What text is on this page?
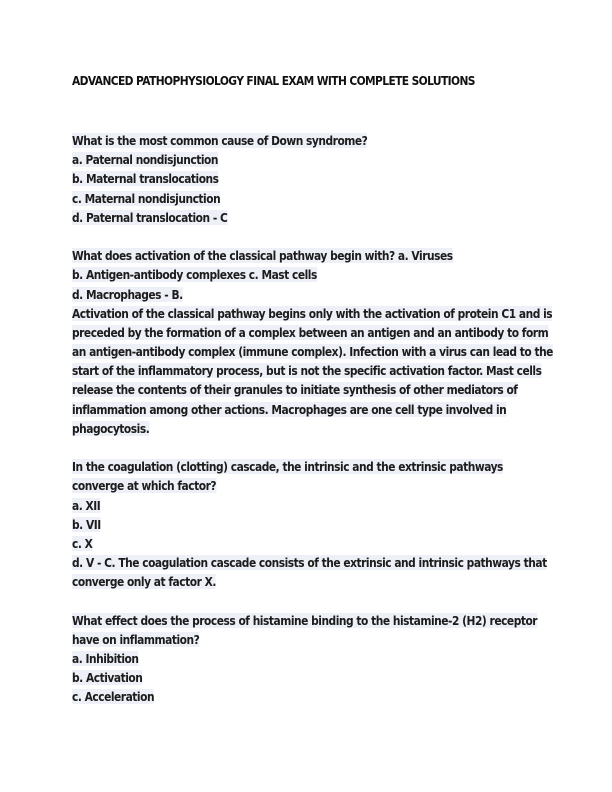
ADVANCED PATHOPHYSIOLOGY FINAL EXAM WITH COMPLETE SOLUTIONS
What is the most common cause of Down syndrome?
a. Paternal nondisjunction
b. Maternal translocations
c. Maternal nondisjunction
d. Paternal translocation - C
What does activation of the classical pathway begin with? a. Viruses
b. Antigen-antibody complexes c. Mast cells
d. Macrophages - B.
Activation of the classical pathway begins only with the activation of protein C1 and is
preceded by the formation of a complex between an antigen and an antibody to form
an antigen-antibody complex (immune complex). Infection with a virus can lead to the
start of the inflammatory process, but is not the specific activation factor. Mast cells
release the contents of their granules to initiate synthesis of other mediators of
inflammation among other actions. Macrophages are one cell type involved in
phagocytosis.
In the coagulation (clotting) cascade, the intrinsic and the extrinsic pathways
converge at which factor?
a. XII
b. VII
c. X
d. V - C. The coagulation cascade consists of the extrinsic and intrinsic pathways that
converge only at factor X.
What effect does the process of histamine binding to the histamine-2 (H2) receptor
have on inflammation?
a. Inhibition
b. Activation
c. Acceleration
